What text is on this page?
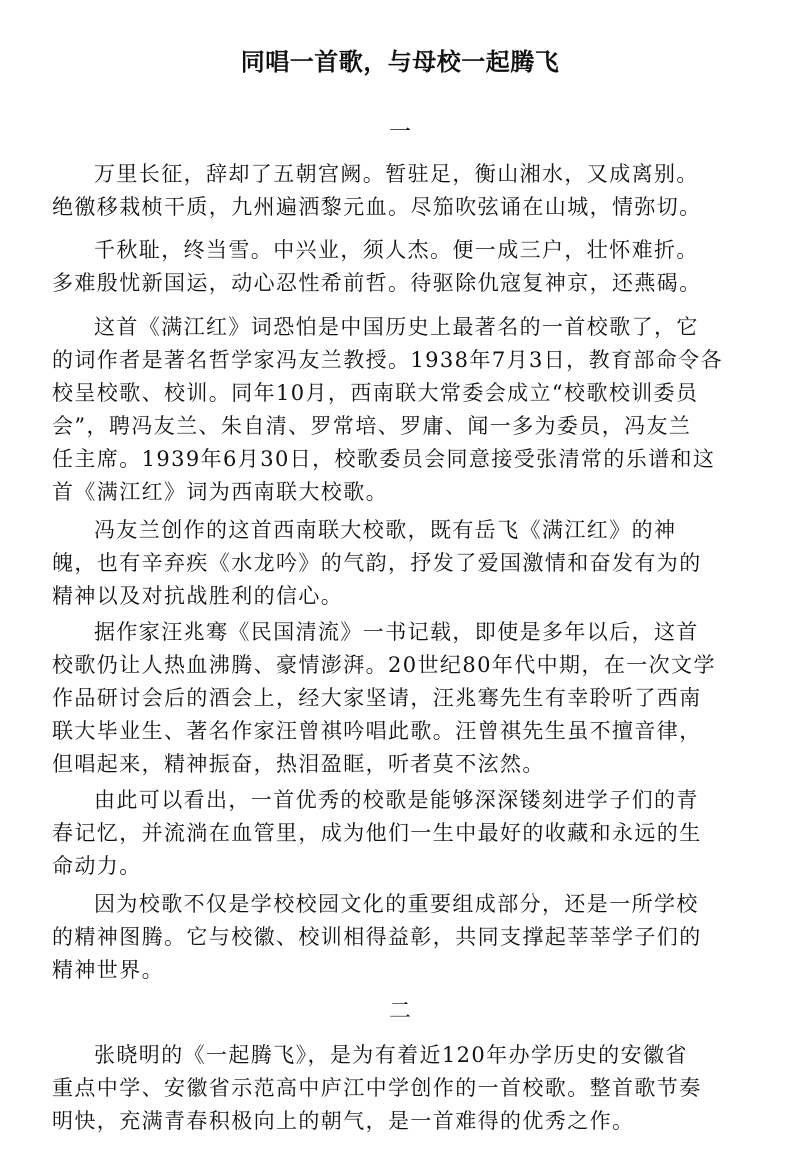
同唱一首歌，与母校一起腾飞
一
万里长征，辞却了五朝宫阙。暂驻足，衡山湘水，又成离别。
绝徼移栽桢干质，九州遍洒黎元血。尽笳吹弦诵在山城，情弥切。
千秋耻，终当雪。中兴业，须人杰。便一成三户，壮怀难折。
多难殷忧新国运，动心忍性希前哲。待驱除仇寇复神京，还燕碣。
这首《满江红》词恐怕是中国历史上最著名的一首校歌了，它
的词作者是著名哲学家冯友兰教授。1938年7月3日，教育部命令各
校呈校歌、校训。同年10月，西南联大常委会成立“校歌校训委员
会”，聘冯友兰、朱自清、罗常培、罗庸、闻一多为委员，冯友兰
任主席。1939年6月30日，校歌委员会同意接受张清常的乐谱和这
首《满江红》词为西南联大校歌。
冯友兰创作的这首西南联大校歌，既有岳飞《满江红》的神
魄，也有辛弃疾《水龙吟》的气韵，抒发了爱国激情和奋发有为的
精神以及对抗战胜利的信心。
据作家汪兆骞《民国清流》一书记载，即使是多年以后，这首
校歌仍让人热血沸腾、豪情澎湃。20世纪80年代中期，在一次文学
作品研讨会后的酒会上，经大家坚请，汪兆骞先生有幸聆听了西南
联大毕业生、著名作家汪曾祺吟唱此歌。汪曾祺先生虽不擅音律，
但唱起来，精神振奋，热泪盈眶，听者莫不泫然。
由此可以看出，一首优秀的校歌是能够深深镂刻进学子们的青
春记忆，并流淌在血管里，成为他们一生中最好的收藏和永远的生
命动力。
因为校歌不仅是学校校园文化的重要组成部分，还是一所学校
的精神图腾。它与校徽、校训相得益彰，共同支撑起莘莘学子们的
精神世界。
二
张晓明的《一起腾飞》，是为有着近120年办学历史的安徽省
重点中学、安徽省示范高中庐江中学创作的一首校歌。整首歌节奏
明快，充满青春积极向上的朝气，是一首难得的优秀之作。
